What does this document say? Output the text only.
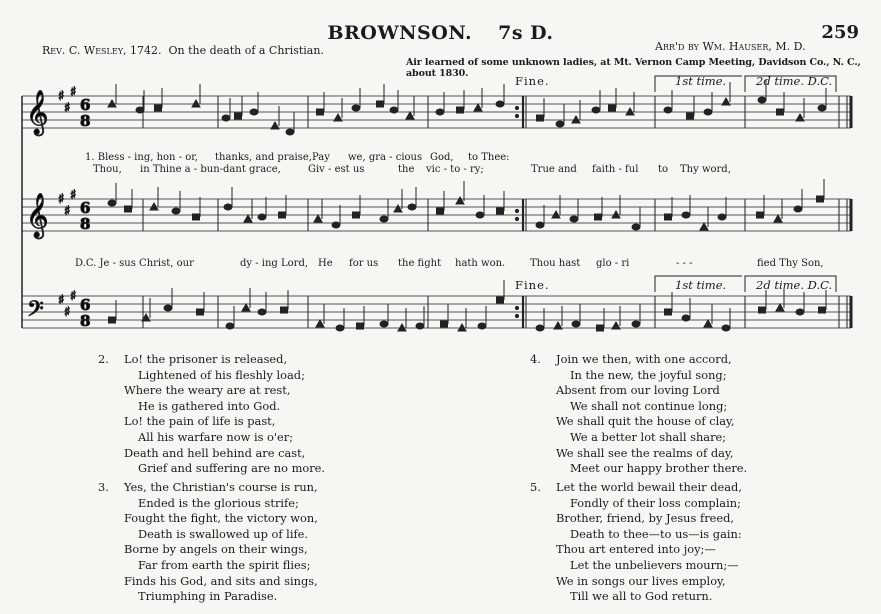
BROWNSON. 7s D.	259
Rev. C. Wesley, 1742. On the death of a Christian.	Arr'd by Wm. Hauser, M. D.
Air learned of some unknown ladies, at Mt. Vernon Camp Meeting, Davidson Co., N. C., about 1830.
Fine.	1st time.	2d time. D.C.
Fine.	1st time.	2d time. D.C.
𝄞 ♯
♯
♯
6
8
𝄞 ♯
♯
♯
6
8
𝄢 ♯
♯
♯ 6
8
1. Bless - ing, hon - or, thanks, and praise, Pay we, gra - cious God, to Thee:
Thou, in Thine a - bun-dant grace,	Giv - est us	the vic - to - ry;	True and faith - ful to Thy word,
D.C. Je - sus Christ, our	dy - ing Lord, He for us the fight hath won. Thou hast glo - ri	- - -	fied Thy Son,
2.	Lo! the prisoner is released,
Lightened of his fleshly load;
Where the weary are at rest,
He is gathered into God.
Lo! the pain of life is past,
All his warfare now is o'er;
Death and hell behind are cast,
Grief and suffering are no more.
3.	Yes, the Christian's course is run,
Ended is the glorious strife;
Fought the fight, the victory won,
Death is swallowed up of life.
Borne by angels on their wings,
Far from earth the spirit flies;
Finds his God, and sits and sings,
Triumphing in Paradise.
4.	Join we then, with one accord,
In the new, the joyful song;
Absent from our loving Lord
We shall not continue long;
We shall quit the house of clay,
We a better lot shall share;
We shall see the realms of day,
Meet our happy brother there.
5.	Let the world bewail their dead,
Fondly of their loss complain;
Brother, friend, by Jesus freed,
Death to thee—to us—is gain:
Thou art entered into joy;—
Let the unbelievers mourn;—
We in songs our lives employ,
Till we all to God return.
